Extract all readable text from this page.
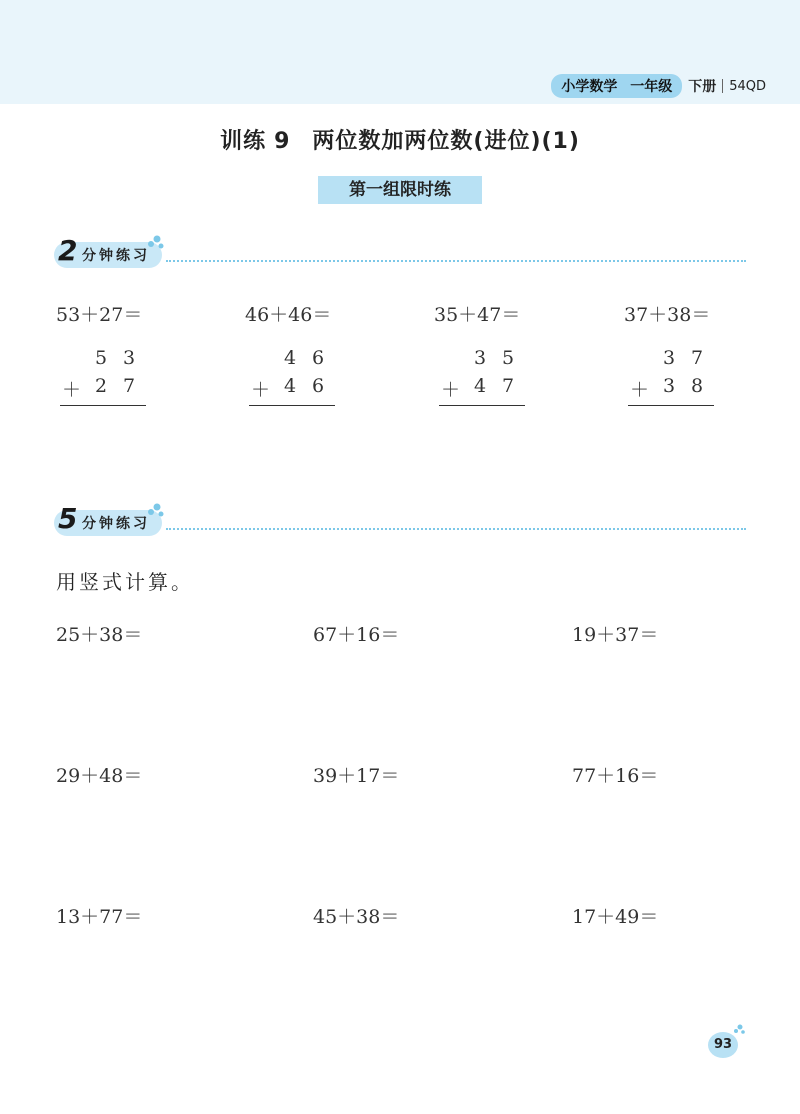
小学数学 一年级	下册 54QD
训练 9 两位数加两位数(进位)(1)
第一组限时练
2 分钟练习
53＋27＝	46＋46＝	35＋47＝	37＋38＝
5 3
＋ 2 7
4 6
＋ 4 6
3 5
＋ 4 7
3 7
＋ 3 8
5 分钟练习
用竖式计算。
25＋38＝	67＋16＝	19＋37＝
29＋48＝	39＋17＝	77＋16＝
13＋77＝	45＋38＝	17＋49＝
93
